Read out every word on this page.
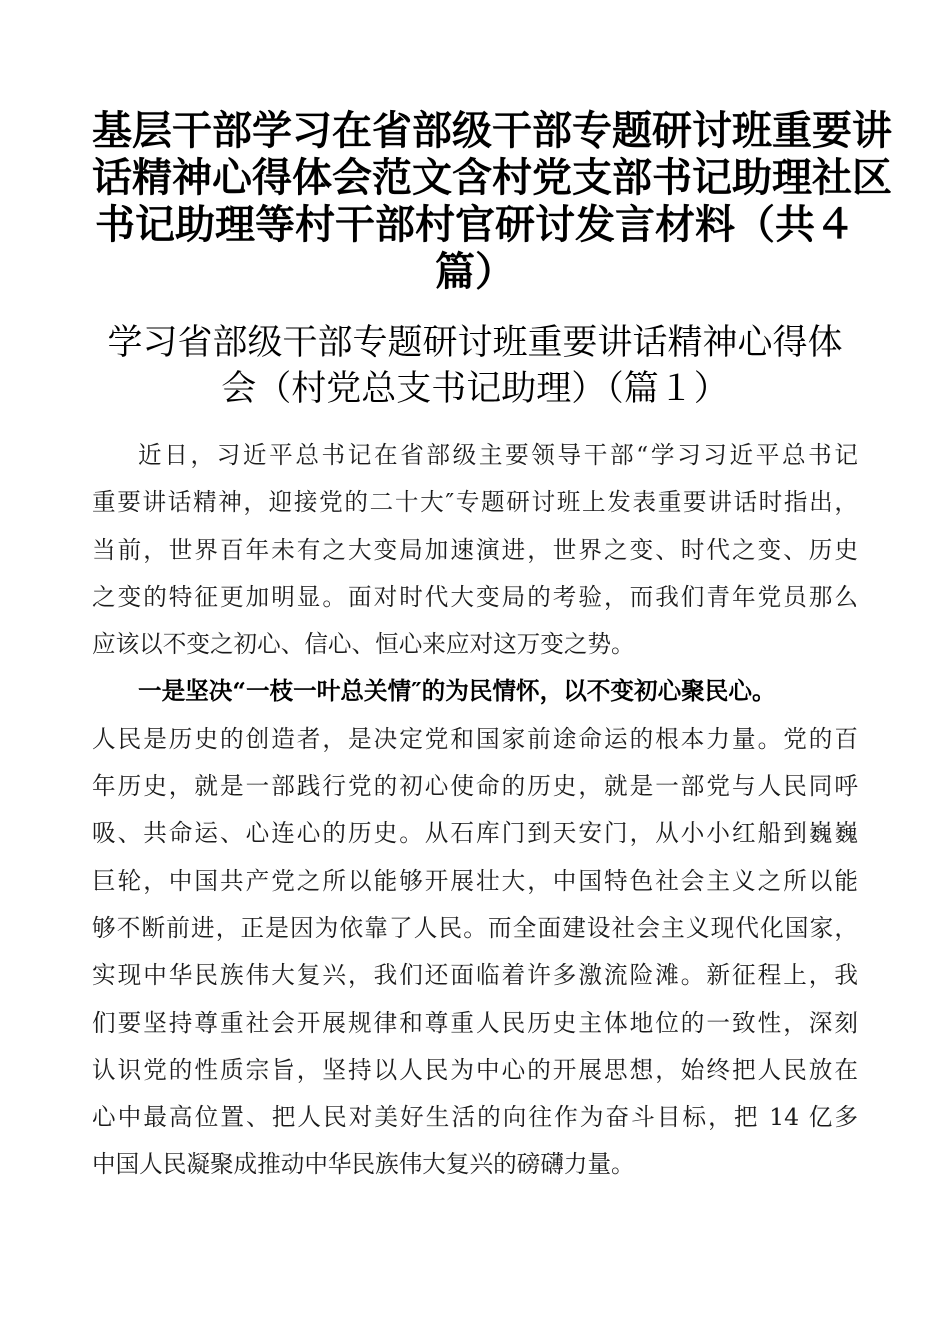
基层干部学习在省部级干部专题研讨班重要讲
话精神心得体会范文含村党支部书记助理社区
书记助理等村干部村官研讨发言材料（共４
篇）
学习省部级干部专题研讨班重要讲话精神心得体
会（村党总支书记助理）（篇１）
近日，习近平总书记在省部级主要领导干部“学习习近平总书记
重要讲话精神，迎接党的二十大″专题研讨班上发表重要讲话时指出，
当前，世界百年未有之大变局加速演进，世界之变、时代之变、历史
之变的特征更加明显。面对时代大变局的考验，而我们青年党员那么
应该以不变之初心、信心、恒心来应对这万变之势。
一是坚决“一枝一叶总关情″的为民情怀，以不变初心聚民心。
人民是历史的创造者，是决定党和国家前途命运的根本力量。党的百
年历史，就是一部践行党的初心使命的历史，就是一部党与人民同呼
吸、共命运、心连心的历史。从石库门到天安门，从小小红船到巍巍
巨轮，中国共产党之所以能够开展壮大，中国特色社会主义之所以能
够不断前进，正是因为依靠了人民。而全面建设社会主义现代化国家，
实现中华民族伟大复兴，我们还面临着许多激流险滩。新征程上，我
们要坚持尊重社会开展规律和尊重人民历史主体地位的一致性，深刻
认识党的性质宗旨，坚持以人民为中心的开展思想，始终把人民放在
心中最高位置、把人民对美好生活的向往作为奋斗目标，把 14 亿多
中国人民凝聚成推动中华民族伟大复兴的磅礴力量。
